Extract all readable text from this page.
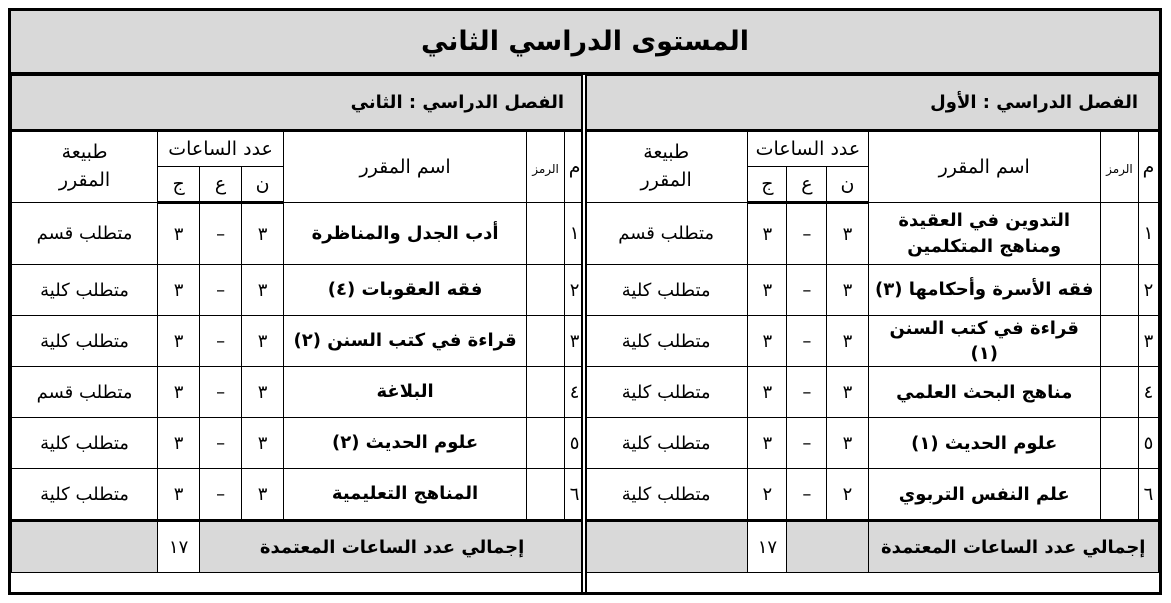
المستوى الدراسي الثاني
الفصل الدراسي : الأول						
م	الرمز	اسم المقرر	عدد الساعات			طبيعة
المقرر

			ن	ع	ج	
١		التدوين في العقيدة
ومناهج المتكلمين	٣	–	٣	متطلب قسم
٢		فقه الأسرة وأحكامها (٣)	٣	–	٣	متطلب كلية
٣		قراءة في كتب السنن (١)	٣	–	٣	متطلب كلية
٤		مناهج البحث العلمي	٣	–	٣	متطلب كلية
٥		علوم الحديث (١)	٣	–	٣	متطلب كلية
٦		علم النفس التربوي	٢	–	٢	متطلب كلية
إجمالي عدد الساعات المعتمدة					١٧	
الفصل الدراسي : الثاني						
م	الرمز	اسم المقرر	عدد الساعات			طبيعة
المقرر

			ن	ع	ج	
١		أدب الجدل والمناظرة	٣	–	٣	متطلب قسم
٢		فقه العقوبات (٤)	٣	–	٣	متطلب كلية
٣		قراءة في كتب السنن (٢)	٣	–	٣	متطلب كلية
٤		البلاغة	٣	–	٣	متطلب قسم
٥		علوم الحديث (٢)	٣	–	٣	متطلب كلية
٦		المناهج التعليمية	٣	–	٣	متطلب كلية
إجمالي عدد الساعات المعتمدة					١٧	
